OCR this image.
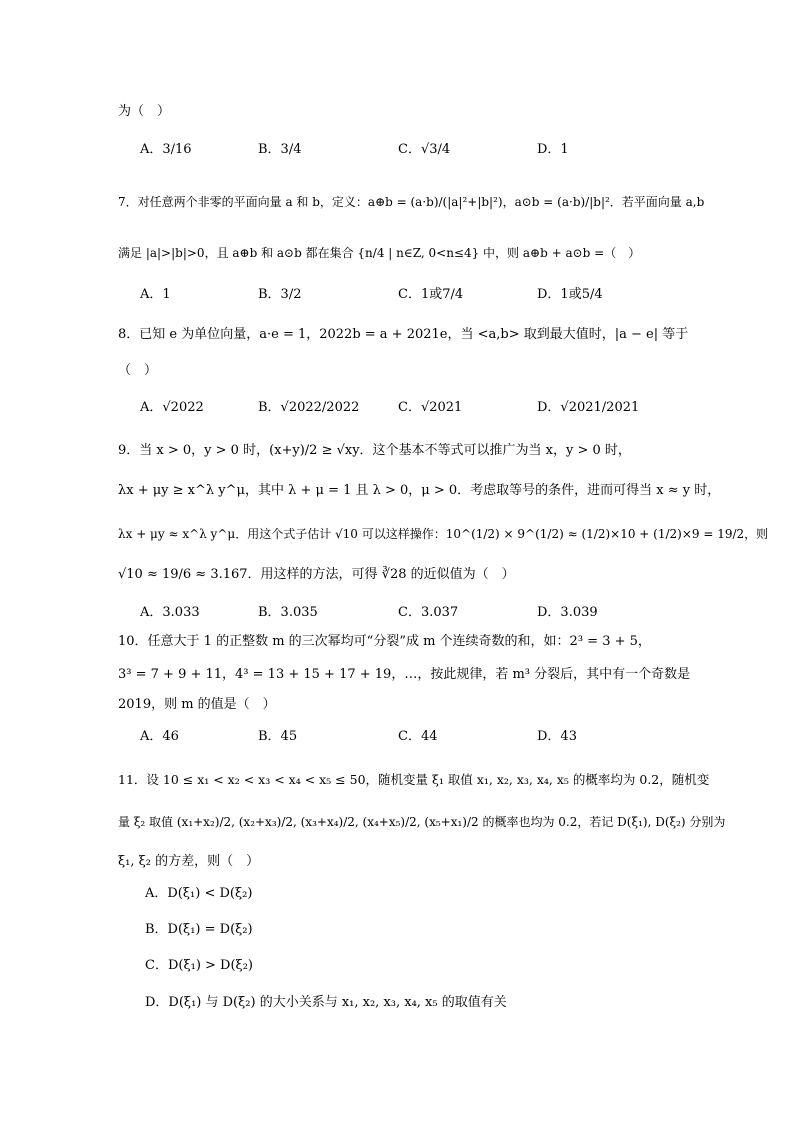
为（　）
A．3/16	B．3/4	C．√3/4	D．1
7．对任意两个非零的平面向量 a 和 b，定义：a⊕b = (a·b)/(|a|²+|b|²)，a⊙b = (a·b)/|b|²．若平面向量 a,b
满足 |a|>|b|>0，且 a⊕b 和 a⊙b 都在集合 {n/4 | n∈Z, 0<n≤4} 中，则 a⊕b + a⊙b =（　）
A．1	B．3/2	C．1或7/4	D．1或5/4
8．已知 e 为单位向量，a·e = 1，2022b = a + 2021e，当 <a,b> 取到最大值时，|a − e| 等于
（　）
A．√2022	B．√2022/2022	C．√2021	D．√2021/2021
9．当 x > 0，y > 0 时，(x+y)/2 ≥ √xy．这个基本不等式可以推广为当 x，y > 0 时，
λx + μy ≥ x^λ y^μ，其中 λ + μ = 1 且 λ > 0，μ > 0．考虑取等号的条件，进而可得当 x ≈ y 时，
λx + μy ≈ x^λ y^μ．用这个式子估计 √10 可以这样操作：10^(1/2) × 9^(1/2) ≈ (1/2)×10 + (1/2)×9 = 19/2，则
√10 ≈ 19/6 ≈ 3.167．用这样的方法，可得 ∛28 的近似值为（　）
A．3.033	B．3.035	C．3.037	D．3.039
10．任意大于 1 的正整数 m 的三次幂均可“分裂”成 m 个连续奇数的和，如：2³ = 3 + 5，
3³ = 7 + 9 + 11，4³ = 13 + 15 + 17 + 19，…，按此规律，若 m³ 分裂后，其中有一个奇数是
2019，则 m 的值是（　）
A．46	B．45	C．44	D．43
11．设 10 ≤ x₁ < x₂ < x₃ < x₄ < x₅ ≤ 50，随机变量 ξ₁ 取值 x₁, x₂, x₃, x₄, x₅ 的概率均为 0.2，随机变
量 ξ₂ 取值 (x₁+x₂)/2, (x₂+x₃)/2, (x₃+x₄)/2, (x₄+x₅)/2, (x₅+x₁)/2 的概率也均为 0.2，若记 D(ξ₁), D(ξ₂) 分别为
ξ₁, ξ₂ 的方差，则（　）
A．D(ξ₁) < D(ξ₂)
B．D(ξ₁) = D(ξ₂)
C．D(ξ₁) > D(ξ₂)
D．D(ξ₁) 与 D(ξ₂) 的大小关系与 x₁, x₂, x₃, x₄, x₅ 的取值有关
